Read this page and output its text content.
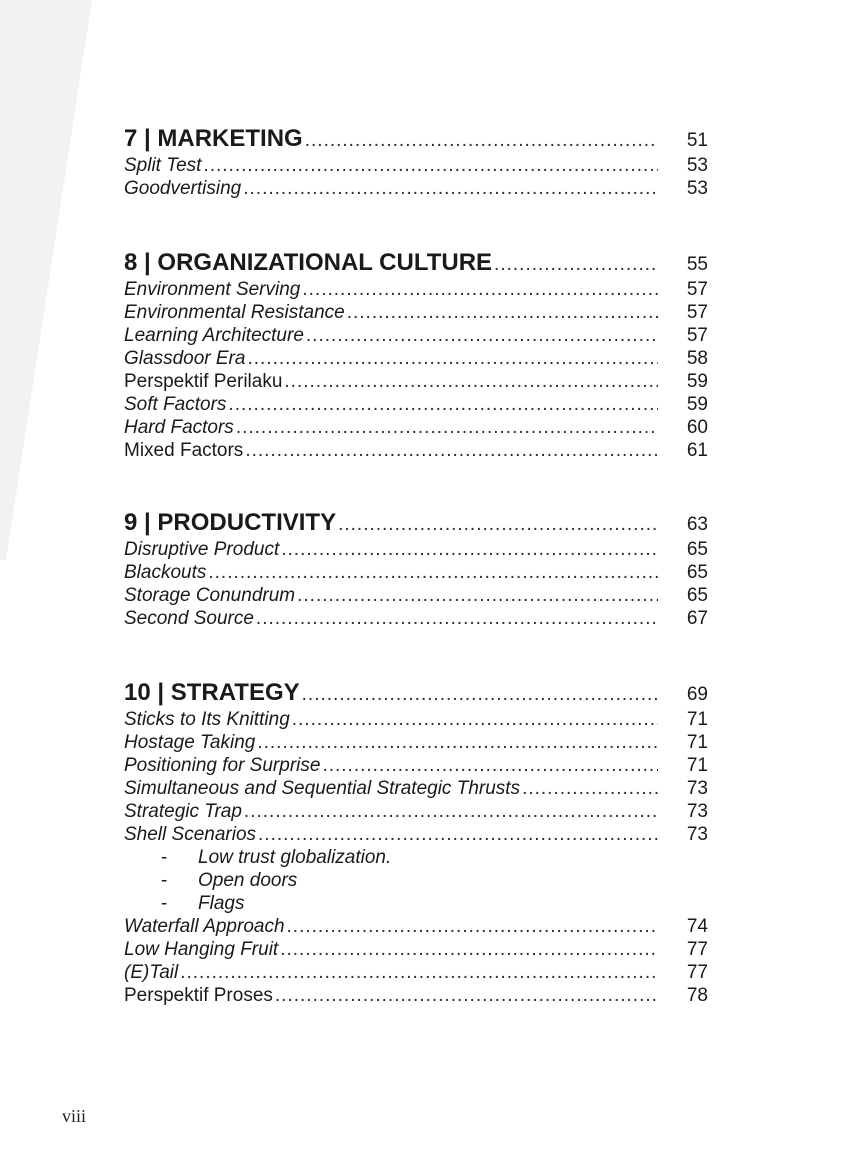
7 | MARKETING .....	51
Split Test .....	53
Goodvertising .....	53
8 | ORGANIZATIONAL CULTURE .....	55
Environment Serving .....	57
Environmental Resistance .....	57
Learning Architecture .....	57
Glassdoor Era .....	58
Perspektif Perilaku .....	59
Soft Factors .....	59
Hard Factors .....	60
Mixed Factors .....	61
9 | PRODUCTIVITY .....	63
Disruptive Product .....	65
Blackouts .....	65
Storage Conundrum .....	65
Second Source .....	67
10 | STRATEGY .....	69
Sticks to Its Knitting .....	71
Hostage Taking .....	71
Positioning for Surprise .....	71
Simultaneous and Sequential Strategic Thrusts .....	73
Strategic Trap .....	73
Shell Scenarios .....	73
- Low trust globalization.
- Open doors
- Flags
Waterfall Approach .....	74
Low Hanging Fruit .....	77
(E)Tail .....	77
Perspektif Proses .....	78
viii
